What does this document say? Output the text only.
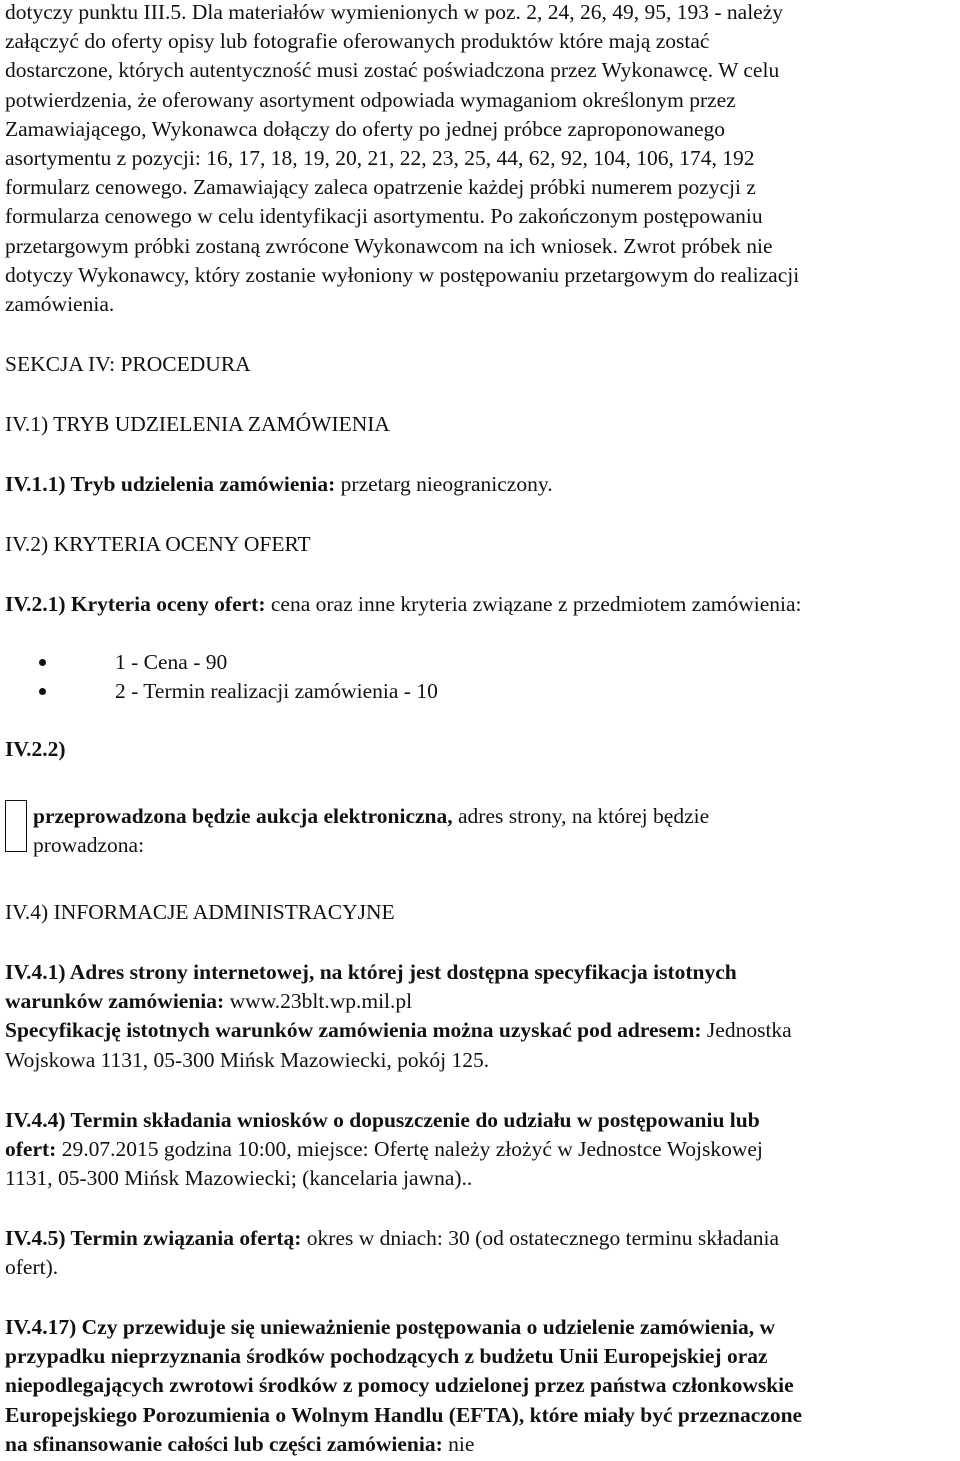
dotyczy punktu III.5. Dla materiałów wymienionych w poz. 2, 24, 26, 49, 95, 193 - należy
załączyć do oferty opisy lub fotografie oferowanych produktów które mają zostać
dostarczone, których autentyczność musi zostać poświadczona przez Wykonawcę. W celu
potwierdzenia, że oferowany asortyment odpowiada wymaganiom określonym przez
Zamawiającego, Wykonawca dołączy do oferty po jednej próbce zaproponowanego
asortymentu z pozycji: 16, 17, 18, 19, 20, 21, 22, 23, 25, 44, 62, 92, 104, 106, 174, 192
formularz cenowego. Zamawiający zaleca opatrzenie każdej próbki numerem pozycji z
formularza cenowego w celu identyfikacji asortymentu. Po zakończonym postępowaniu
przetargowym próbki zostaną zwrócone Wykonawcom na ich wniosek. Zwrot próbek nie
dotyczy Wykonawcy, który zostanie wyłoniony w postępowaniu przetargowym do realizacji
zamówienia.
SEKCJA IV: PROCEDURA
IV.1) TRYB UDZIELENIA ZAMÓWIENIA
IV.1.1) Tryb udzielenia zamówienia: przetarg nieograniczony.
IV.2) KRYTERIA OCENY OFERT
IV.2.1) Kryteria oceny ofert: cena oraz inne kryteria związane z przedmiotem zamówienia:
1 - Cena - 90
2 - Termin realizacji zamówienia - 10
IV.2.2)
przeprowadzona będzie aukcja elektroniczna, adres strony, na której będzie
prowadzona:
IV.4) INFORMACJE ADMINISTRACYJNE
IV.4.1) Adres strony internetowej, na której jest dostępna specyfikacja istotnych
warunków zamówienia: www.23blt.wp.mil.pl
Specyfikację istotnych warunków zamówienia można uzyskać pod adresem: Jednostka
Wojskowa 1131, 05-300 Mińsk Mazowiecki, pokój 125.
IV.4.4) Termin składania wniosków o dopuszczenie do udziału w postępowaniu lub
ofert: 29.07.2015 godzina 10:00, miejsce: Ofertę należy złożyć w Jednostce Wojskowej
1131, 05-300 Mińsk Mazowiecki; (kancelaria jawna)..
IV.4.5) Termin związania ofertą: okres w dniach: 30 (od ostatecznego terminu składania
ofert).
IV.4.17) Czy przewiduje się unieważnienie postępowania o udzielenie zamówienia, w
przypadku nieprzyznania środków pochodzących z budżetu Unii Europejskiej oraz
niepodlegających zwrotowi środków z pomocy udzielonej przez państwa członkowskie
Europejskiego Porozumienia o Wolnym Handlu (EFTA), które miały być przeznaczone
na sfinansowanie całości lub części zamówienia: nie
